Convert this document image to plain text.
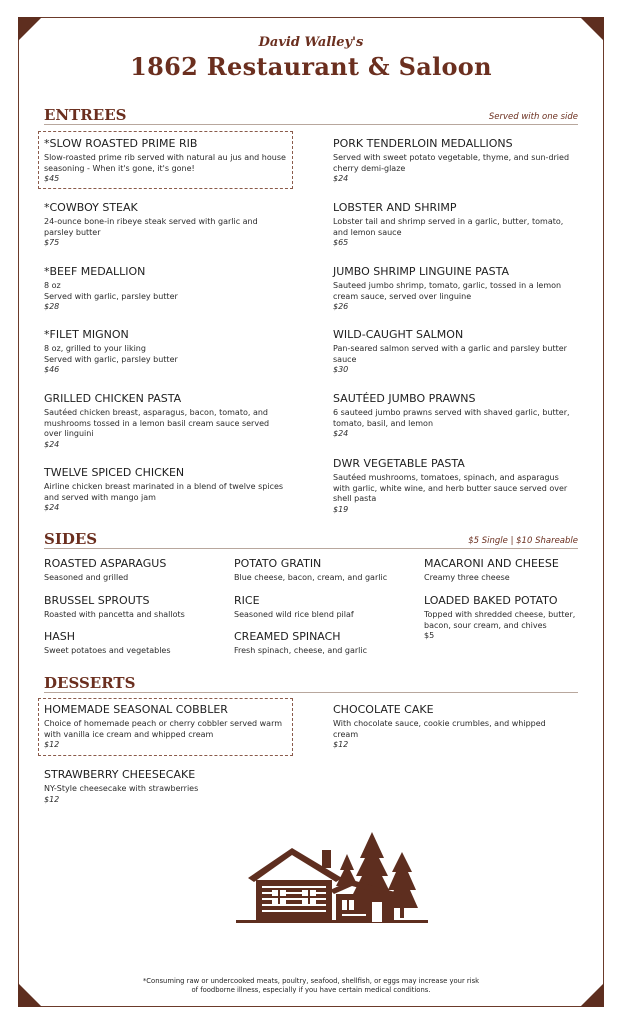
David Walley's
1862 Restaurant & Saloon
ENTREES	Served with one side
*SLOW ROASTED PRIME RIB
Slow-roasted prime rib served with natural au jus and house seasoning - When it's gone, it's gone!
$45
*COWBOY STEAK
24-ounce bone-in ribeye steak served with garlic and parsley butter
$75
*BEEF MEDALLION
8 oz
Served with garlic, parsley butter
$28
*FILET MIGNON
8 oz, grilled to your liking
Served with garlic, parsley butter
$46
GRILLED CHICKEN PASTA
Sautéed chicken breast, asparagus, bacon, tomato, and mushrooms tossed in a lemon basil cream sauce served over linguini
$24
TWELVE SPICED CHICKEN
Airline chicken breast marinated in a blend of twelve spices and served with mango jam
$24
PORK TENDERLOIN MEDALLIONS
Served with sweet potato vegetable, thyme, and sun-dried cherry demi-glaze
$24
LOBSTER AND SHRIMP
Lobster tail and shrimp served in a garlic, butter, tomato, and lemon sauce
$65
JUMBO SHRIMP LINGUINE PASTA
Sauteed jumbo shrimp, tomato, garlic, tossed in a lemon cream sauce, served over linguine
$26
WILD-CAUGHT SALMON
Pan-seared salmon served with a garlic and parsley butter sauce
$30
SAUTÉED JUMBO PRAWNS
6 sauteed jumbo prawns served with shaved garlic, butter, tomato, basil, and lemon
$24
DWR VEGETABLE PASTA
Sautéed mushrooms, tomatoes, spinach, and asparagus with garlic, white wine, and herb butter sauce served over shell pasta
$19
SIDES	$5 Single | $10 Shareable
ROASTED ASPARAGUS
Seasoned and grilled
BRUSSEL SPROUTS
Roasted with pancetta and shallots
HASH
Sweet potatoes and vegetables
POTATO GRATIN
Blue cheese, bacon, cream, and garlic
RICE
Seasoned wild rice blend pilaf
CREAMED SPINACH
Fresh spinach, cheese, and garlic
MACARONI AND CHEESE
Creamy three cheese
LOADED BAKED POTATO
Topped with shredded cheese, butter, bacon, sour cream, and chives
$5
DESSERTS
HOMEMADE SEASONAL COBBLER
Choice of homemade peach or cherry cobbler served warm with vanilla ice cream and whipped cream
$12
STRAWBERRY CHEESECAKE
NY-Style cheesecake with strawberries
$12
CHOCOLATE CAKE
With chocolate sauce, cookie crumbles, and whipped cream
$12
*Consuming raw or undercooked meats, poultry, seafood, shellfish, or eggs may increase your risk
of foodborne illness, especially if you have certain medical conditions.
